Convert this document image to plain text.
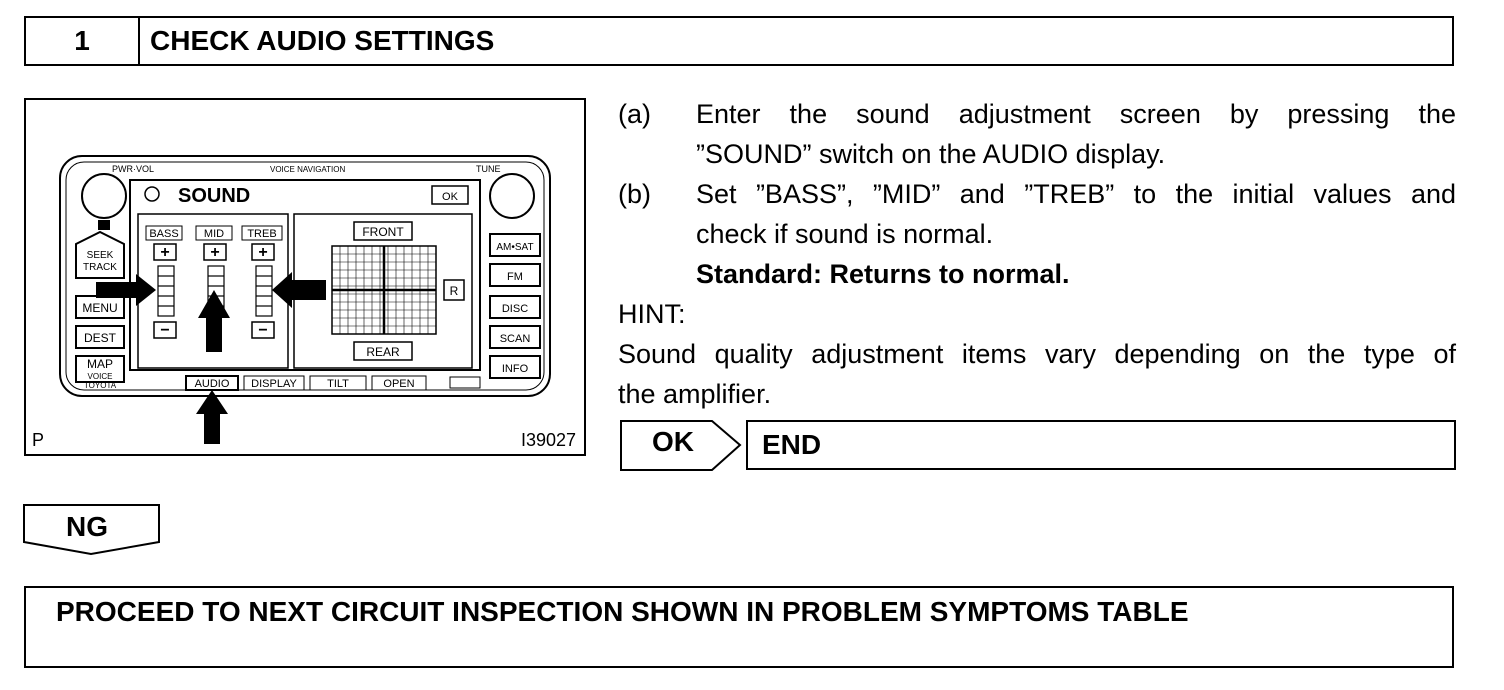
1	CHECK AUDIO SETTINGS
PWR·VOL	VOICE NAVIGATION	TUNE
SEEK
TRACK
MENU
DEST
MAP
VOICE
TOYOTA
AM•SAT
FM
DISC
SCAN
INFO
SOUND	OK
BASS MID TREB
+	+ +
−	−
FRONT
REAR
R
AUDIO DISPLAY	TILT	OPEN
P	I39027
(a) Enter the sound adjustment screen by pressing the
”SOUND” switch on the AUDIO display.
(b) Set ”BASS”, ”MID” and ”TREB” to the initial values and
check if sound is normal.
Standard: Returns to normal.
HINT:
Sound quality adjustment items vary depending on the type of
the amplifier.
OK END
NG
PROCEED TO NEXT CIRCUIT INSPECTION SHOWN IN PROBLEM SYMPTOMS TABLE
